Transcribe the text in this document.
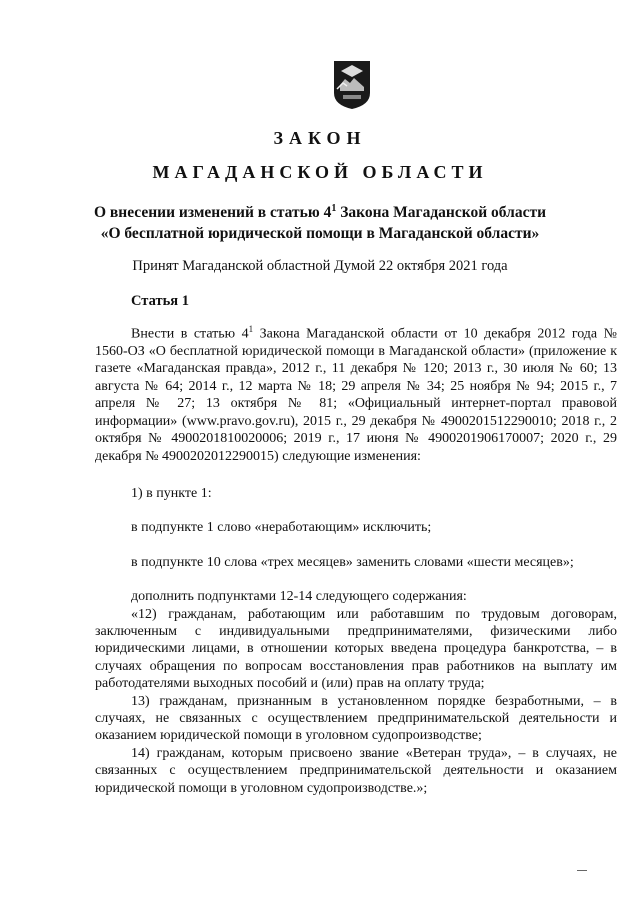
ЗАКОН
МАГАДАНСКОЙ ОБЛАСТИ
О внесении изменений в статью $4^1$ Закона Магаданской области
«О бесплатной юридической помощи в Магаданской области»
Принят Магаданской областной Думой 22 октября 2021 года
Статья 1

Внести в статью $4^1$ Закона Магаданской области от 10 декабря 2012 года № 1560-ОЗ «О бесплатной юридической помощи в Магаданской области» (приложение к газете «Магаданская правда», 2012 г., 11 декабря № 120; 2013 г., 30 июля № 60; 13 августа № 64; 2014 г., 12 марта № 18; 29 апреля № 34; 25 ноября № 94; 2015 г., 7 апреля № 27; 13 октября № 81; «Официальный интернет-портал правовой информации» (www.pravo.gov.ru), 2015 г., 29 декабря № 4900201512290010; 2018 г., 2 октября № 4900201810020006; 2019 г., 17 июня № 4900201906170007; 2020 г., 29 декабря № 4900202012290015) следующие изменения:

1) в пункте 1:

в подпункте 1 слово «неработающим» исключить;

в подпункте 10 слова «трех месяцев» заменить словами «шести месяцев»;

дополнить подпунктами 12-14 следующего содержания:

«12) гражданам, работающим или работавшим по трудовым договорам, заключенным с индивидуальными предпринимателями, физическими либо юридическими лицами, в отношении которых введена процедура банкротства, – в случаях обращения по вопросам восстановления прав работников на выплату им работодателями выходных пособий и (или) прав на оплату труда;

13) гражданам, признанным в установленном порядке безработными, – в случаях, не связанных с осуществлением предпринимательской деятельности и оказанием юридической помощи в уголовном судопроизводстве;

14) гражданам, которым присвоено звание «Ветеран труда», – в случаях, не связанных с осуществлением предпринимательской деятельности и оказанием юридической помощи в уголовном судопроизводстве.»;
